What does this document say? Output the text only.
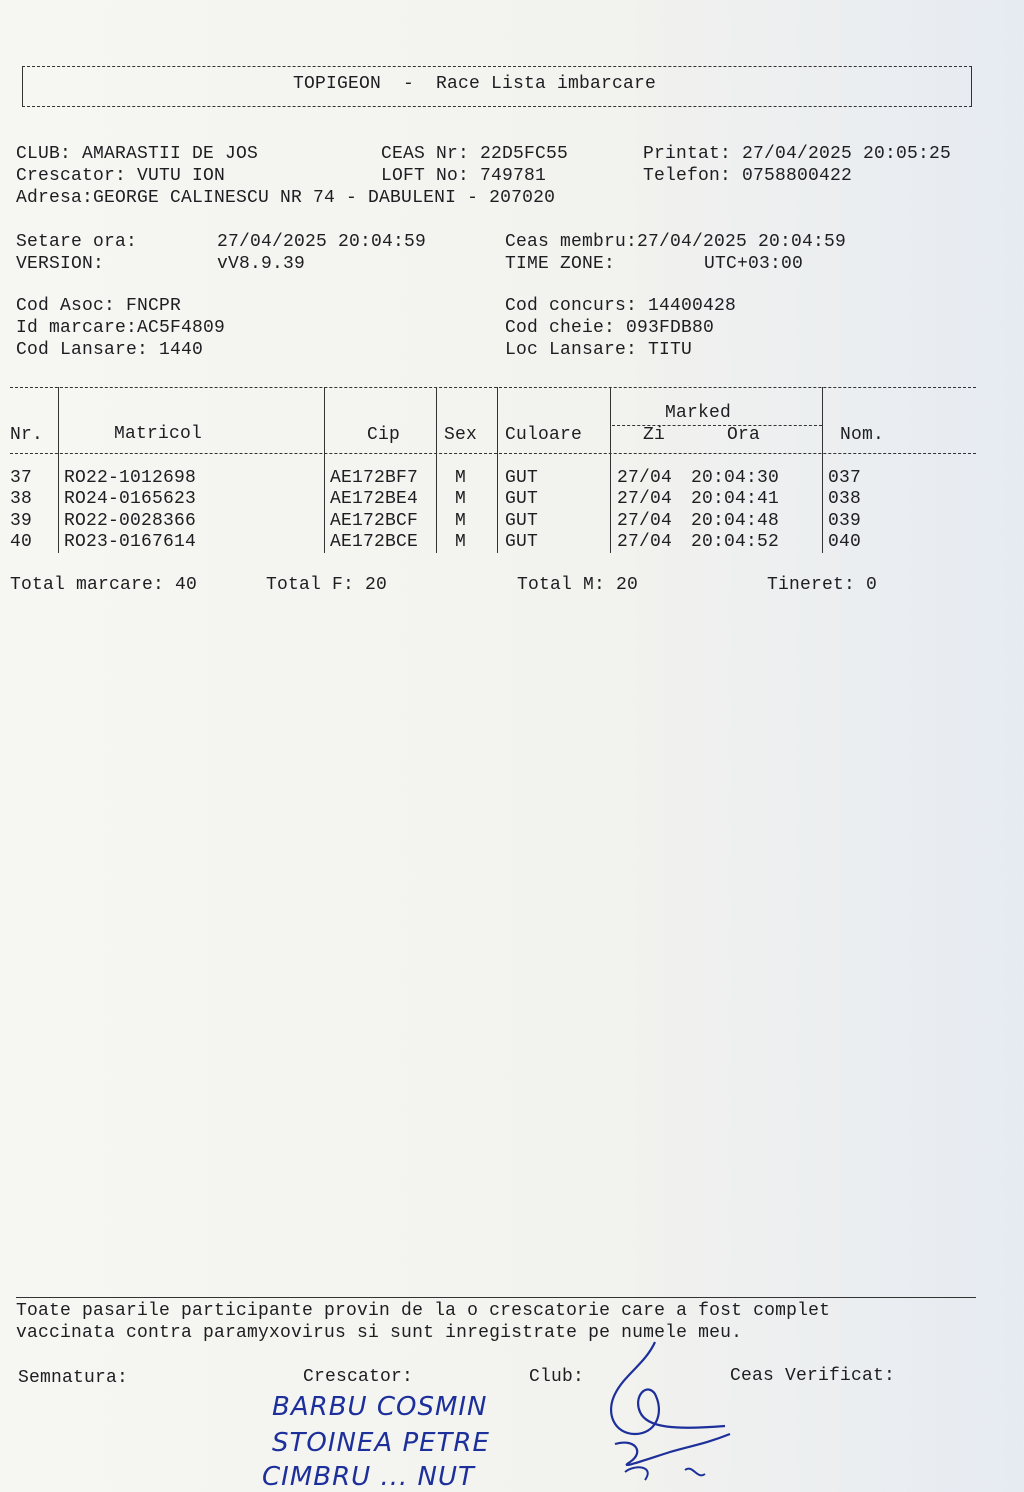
TOPIGEON  -  Race Lista imbarcare
CLUB: AMARASTII DE JOS
Crescator: VUTU ION
Adresa:GEORGE CALINESCU NR 74 - DABULENI - 207020
CEAS Nr: 22D5FC55
LOFT No: 749781
Printat: 27/04/2025 20:05:25
Telefon: 0758800422
Setare ora:	27/04/2025 20:04:59
VERSION:	vV8.9.39
Ceas membru:27/04/2025 20:04:59
TIME ZONE:	UTC+03:00
Cod Asoc: FNCPR
Id marcare:AC5F4809
Cod Lansare: 1440
Cod concurs: 14400428
Cod cheie: 093FDB80
Loc Lansare: TITU
Nr.	Matricol	Cip Sex Culoare
Marked
Zi	Ora	Nom.
37 RO22-1012698	AE172BF7 M GUT	27/04 20:04:30	037
38 RO24-0165623	AE172BE4 M GUT	27/04 20:04:41	038
39 RO22-0028366	AE172BCF M GUT	27/04 20:04:48	039
40 RO23-0167614	AE172BCE M GUT	27/04 20:04:52	040
Total marcare: 40	Total F: 20	Total M: 20	Tineret: 0
Toate pasarile participante provin de la o crescatorie care a fost complet
vaccinata contra paramyxovirus si sunt inregistrate pe numele meu.
Semnatura:	Crescator:	Club:	Ceas Verificat:
BARBU COSMIN
STOINEA PETRE
CIMBRU ... NUT
